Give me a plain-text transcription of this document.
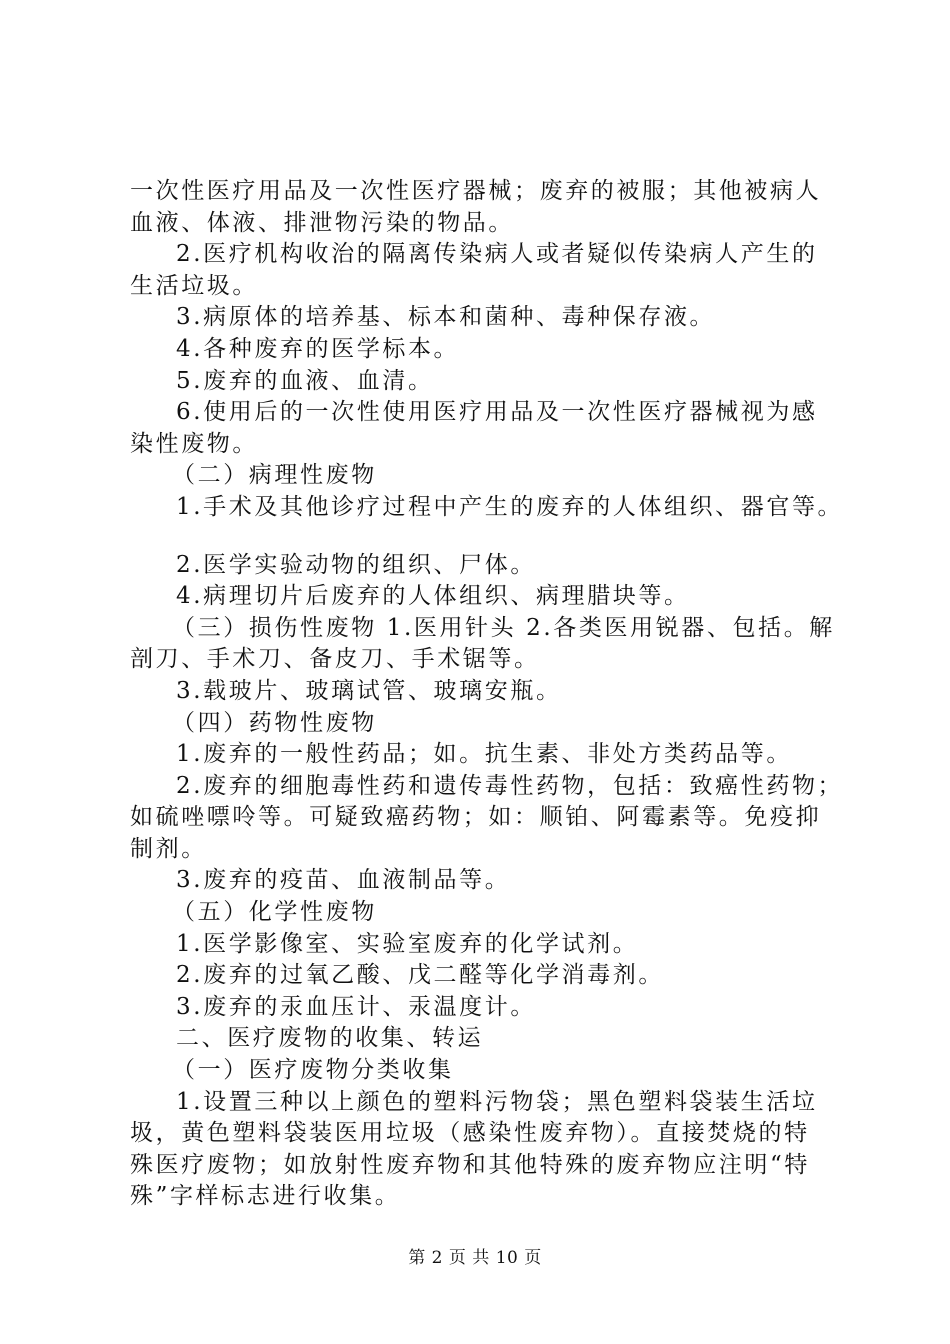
一次性医疗用品及一次性医疗器械；废弃的被服；其他被病人
血液、体液、排泄物污染的物品。
2.医疗机构收治的隔离传染病人或者疑似传染病人产生的
生活垃圾。
3.病原体的培养基、标本和菌种、毒种保存液。
4.各种废弃的医学标本。
5.废弃的血液、血清。
6.使用后的一次性使用医疗用品及一次性医疗器械视为感
染性废物。
（二）病理性废物
1.手术及其他诊疗过程中产生的废弃的人体组织、器官等。
2.医学实验动物的组织、尸体。
4.病理切片后废弃的人体组织、病理腊块等。
（三）损伤性废物 1.医用针头 2.各类医用锐器、包括。解
剖刀、手术刀、备皮刀、手术锯等。
3.载玻片、玻璃试管、玻璃安瓶。
（四）药物性废物
1.废弃的一般性药品；如。抗生素、非处方类药品等。
2.废弃的细胞毒性药和遗传毒性药物，包括：致癌性药物；
如硫唑嘌呤等。可疑致癌药物；如：顺铂、阿霉素等。免疫抑
制剂。
3.废弃的疫苗、血液制品等。
（五）化学性废物
1.医学影像室、实验室废弃的化学试剂。
2.废弃的过氧乙酸、戊二醛等化学消毒剂。
3.废弃的汞血压计、汞温度计。
二、医疗废物的收集、转运
（一）医疗废物分类收集
1.设置三种以上颜色的塑料污物袋；黑色塑料袋装生活垃
圾，黄色塑料袋装医用垃圾（感染性废弃物）。直接焚烧的特
殊医疗废物；如放射性废弃物和其他特殊的废弃物应注明“特
殊”字样标志进行收集。
第 2 页 共 10 页
